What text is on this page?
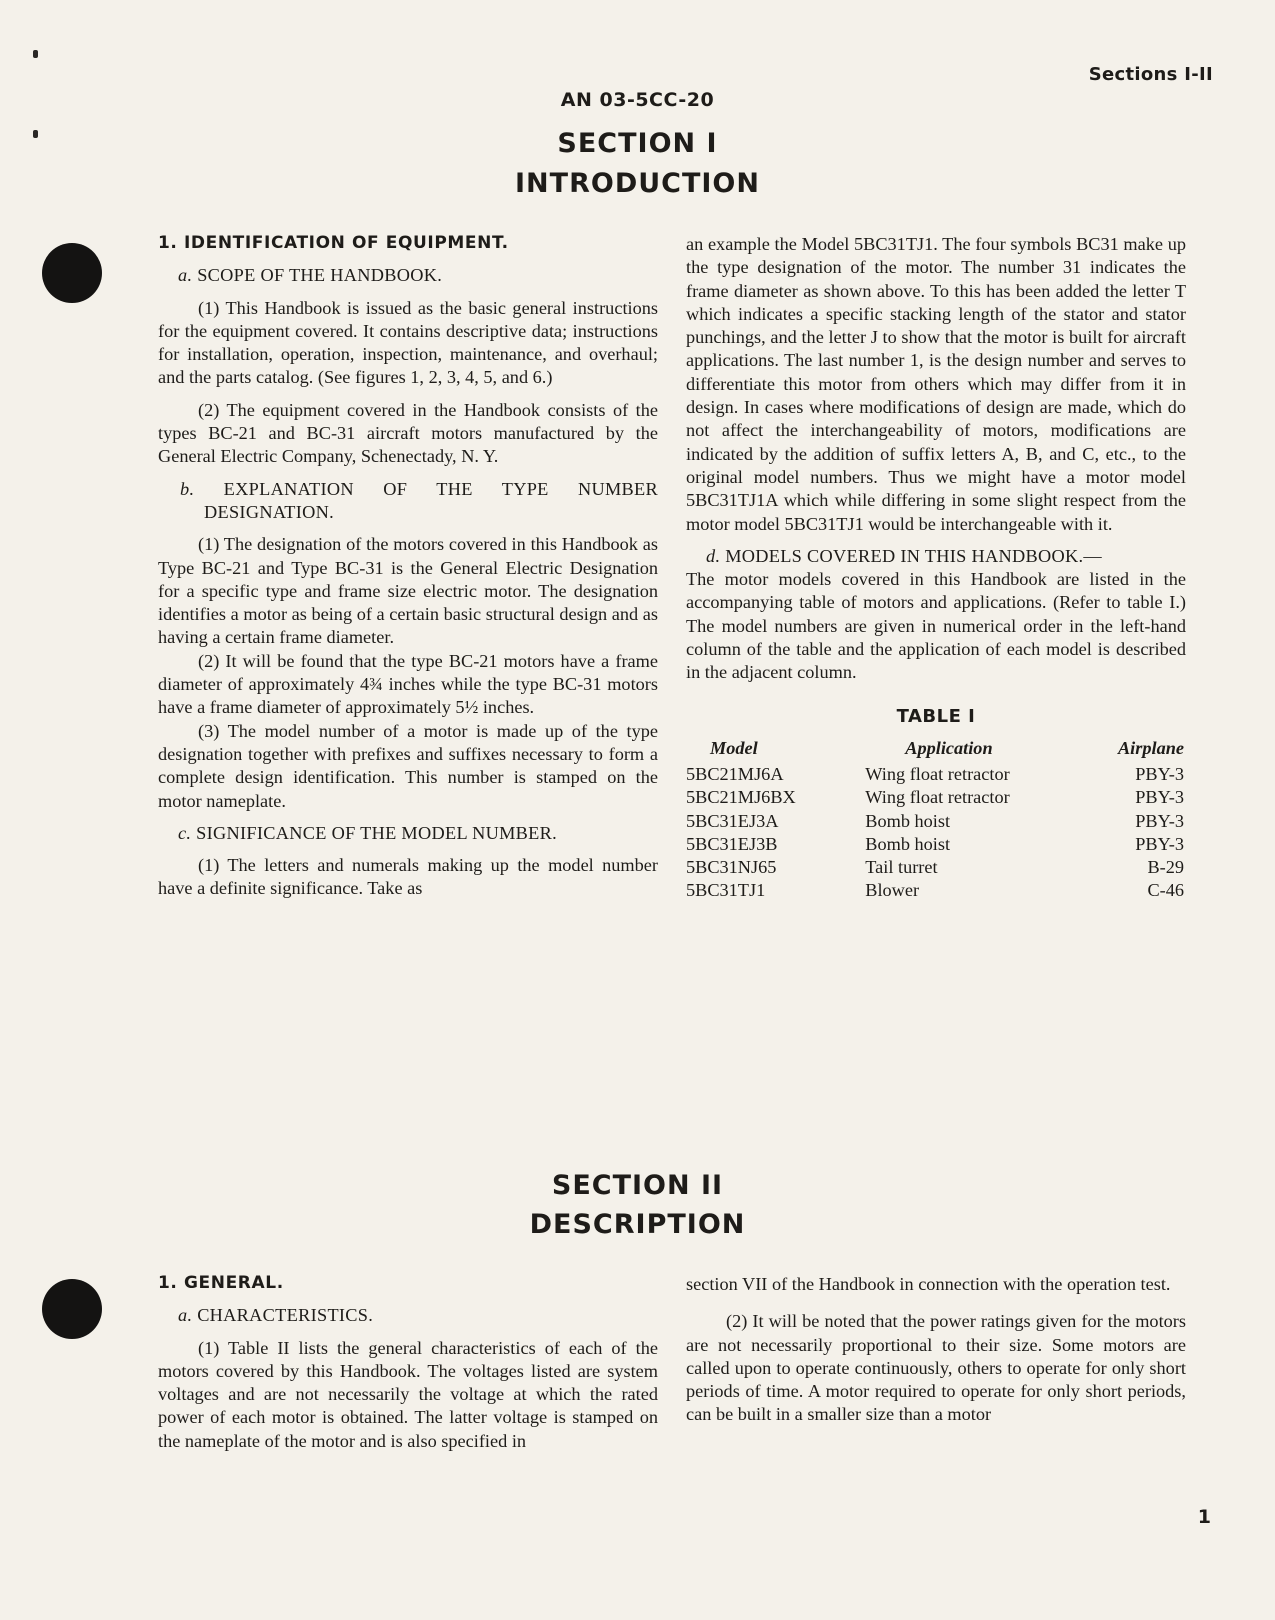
Sections I-II
AN 03-5CC-20
SECTION I
INTRODUCTION

1. IDENTIFICATION OF EQUIPMENT.

a. SCOPE OF THE HANDBOOK.

(1) This Handbook is issued as the basic general instructions for the equipment covered. It contains descriptive data; instructions for installation, operation, inspection, maintenance, and overhaul; and the parts catalog. (See figures 1, 2, 3, 4, 5, and 6.)

(2) The equipment covered in the Handbook consists of the types BC-21 and BC-31 aircraft motors manufactured by the General Electric Company, Schenectady, N. Y.

b. EXPLANATION OF THE TYPE NUMBER DESIGNATION.

(1) The designation of the motors covered in this Handbook as Type BC-21 and Type BC-31 is the General Electric Designation for a specific type and frame size electric motor. The designation identifies a motor as being of a certain basic structural design and as having a certain frame diameter.

(2) It will be found that the type BC-21 motors have a frame diameter of approximately 4¾ inches while the type BC-31 motors have a frame diameter of approximately 5½ inches.

(3) The model number of a motor is made up of the type designation together with prefixes and suffixes necessary to form a complete design identification. This number is stamped on the motor nameplate.

c. SIGNIFICANCE OF THE MODEL NUMBER.

(1) The letters and numerals making up the model number have a definite significance. Take as

an example the Model 5BC31TJ1. The four symbols BC31 make up the type designation of the motor. The number 31 indicates the frame diameter as shown above. To this has been added the letter T which indicates a specific stacking length of the stator and stator punchings, and the letter J to show that the motor is built for aircraft applications. The last number 1, is the design number and serves to differentiate this motor from others which may differ from it in design. In cases where modifications of design are made, which do not affect the interchangeability of motors, modifications are indicated by the addition of suffix letters A, B, and C, etc., to the original model numbers. Thus we might have a motor model 5BC31TJ1A which while differing in some slight respect from the motor model 5BC31TJ1 would be interchangeable with it.

d. MODELS COVERED IN THIS HANDBOOK.—

The motor models covered in this Handbook are listed in the accompanying table of motors and applications. (Refer to table I.) The model numbers are given in numerical order in the left-hand column of the table and the application of each model is described in the adjacent column.

TABLE I
Model	Application	Airplane
5BC21MJ6A	Wing float retractor	PBY-3
5BC21MJ6BX	Wing float retractor	PBY-3
5BC31EJ3A	Bomb hoist	PBY-3
5BC31EJ3B	Bomb hoist	PBY-3
5BC31NJ65	Tail turret	B-29
5BC31TJ1	Blower	C-46
SECTION II
DESCRIPTION

1. GENERAL.

a. CHARACTERISTICS.

(1) Table II lists the general characteristics of each of the motors covered by this Handbook. The voltages listed are system voltages and are not necessarily the voltage at which the rated power of each motor is obtained. The latter voltage is stamped on the nameplate of the motor and is also specified in

section VII of the Handbook in connection with the operation test.

(2) It will be noted that the power ratings given for the motors are not necessarily proportional to their size. Some motors are called upon to operate continuously, others to operate for only short periods of time. A motor required to operate for only short periods, can be built in a smaller size than a motor

1
